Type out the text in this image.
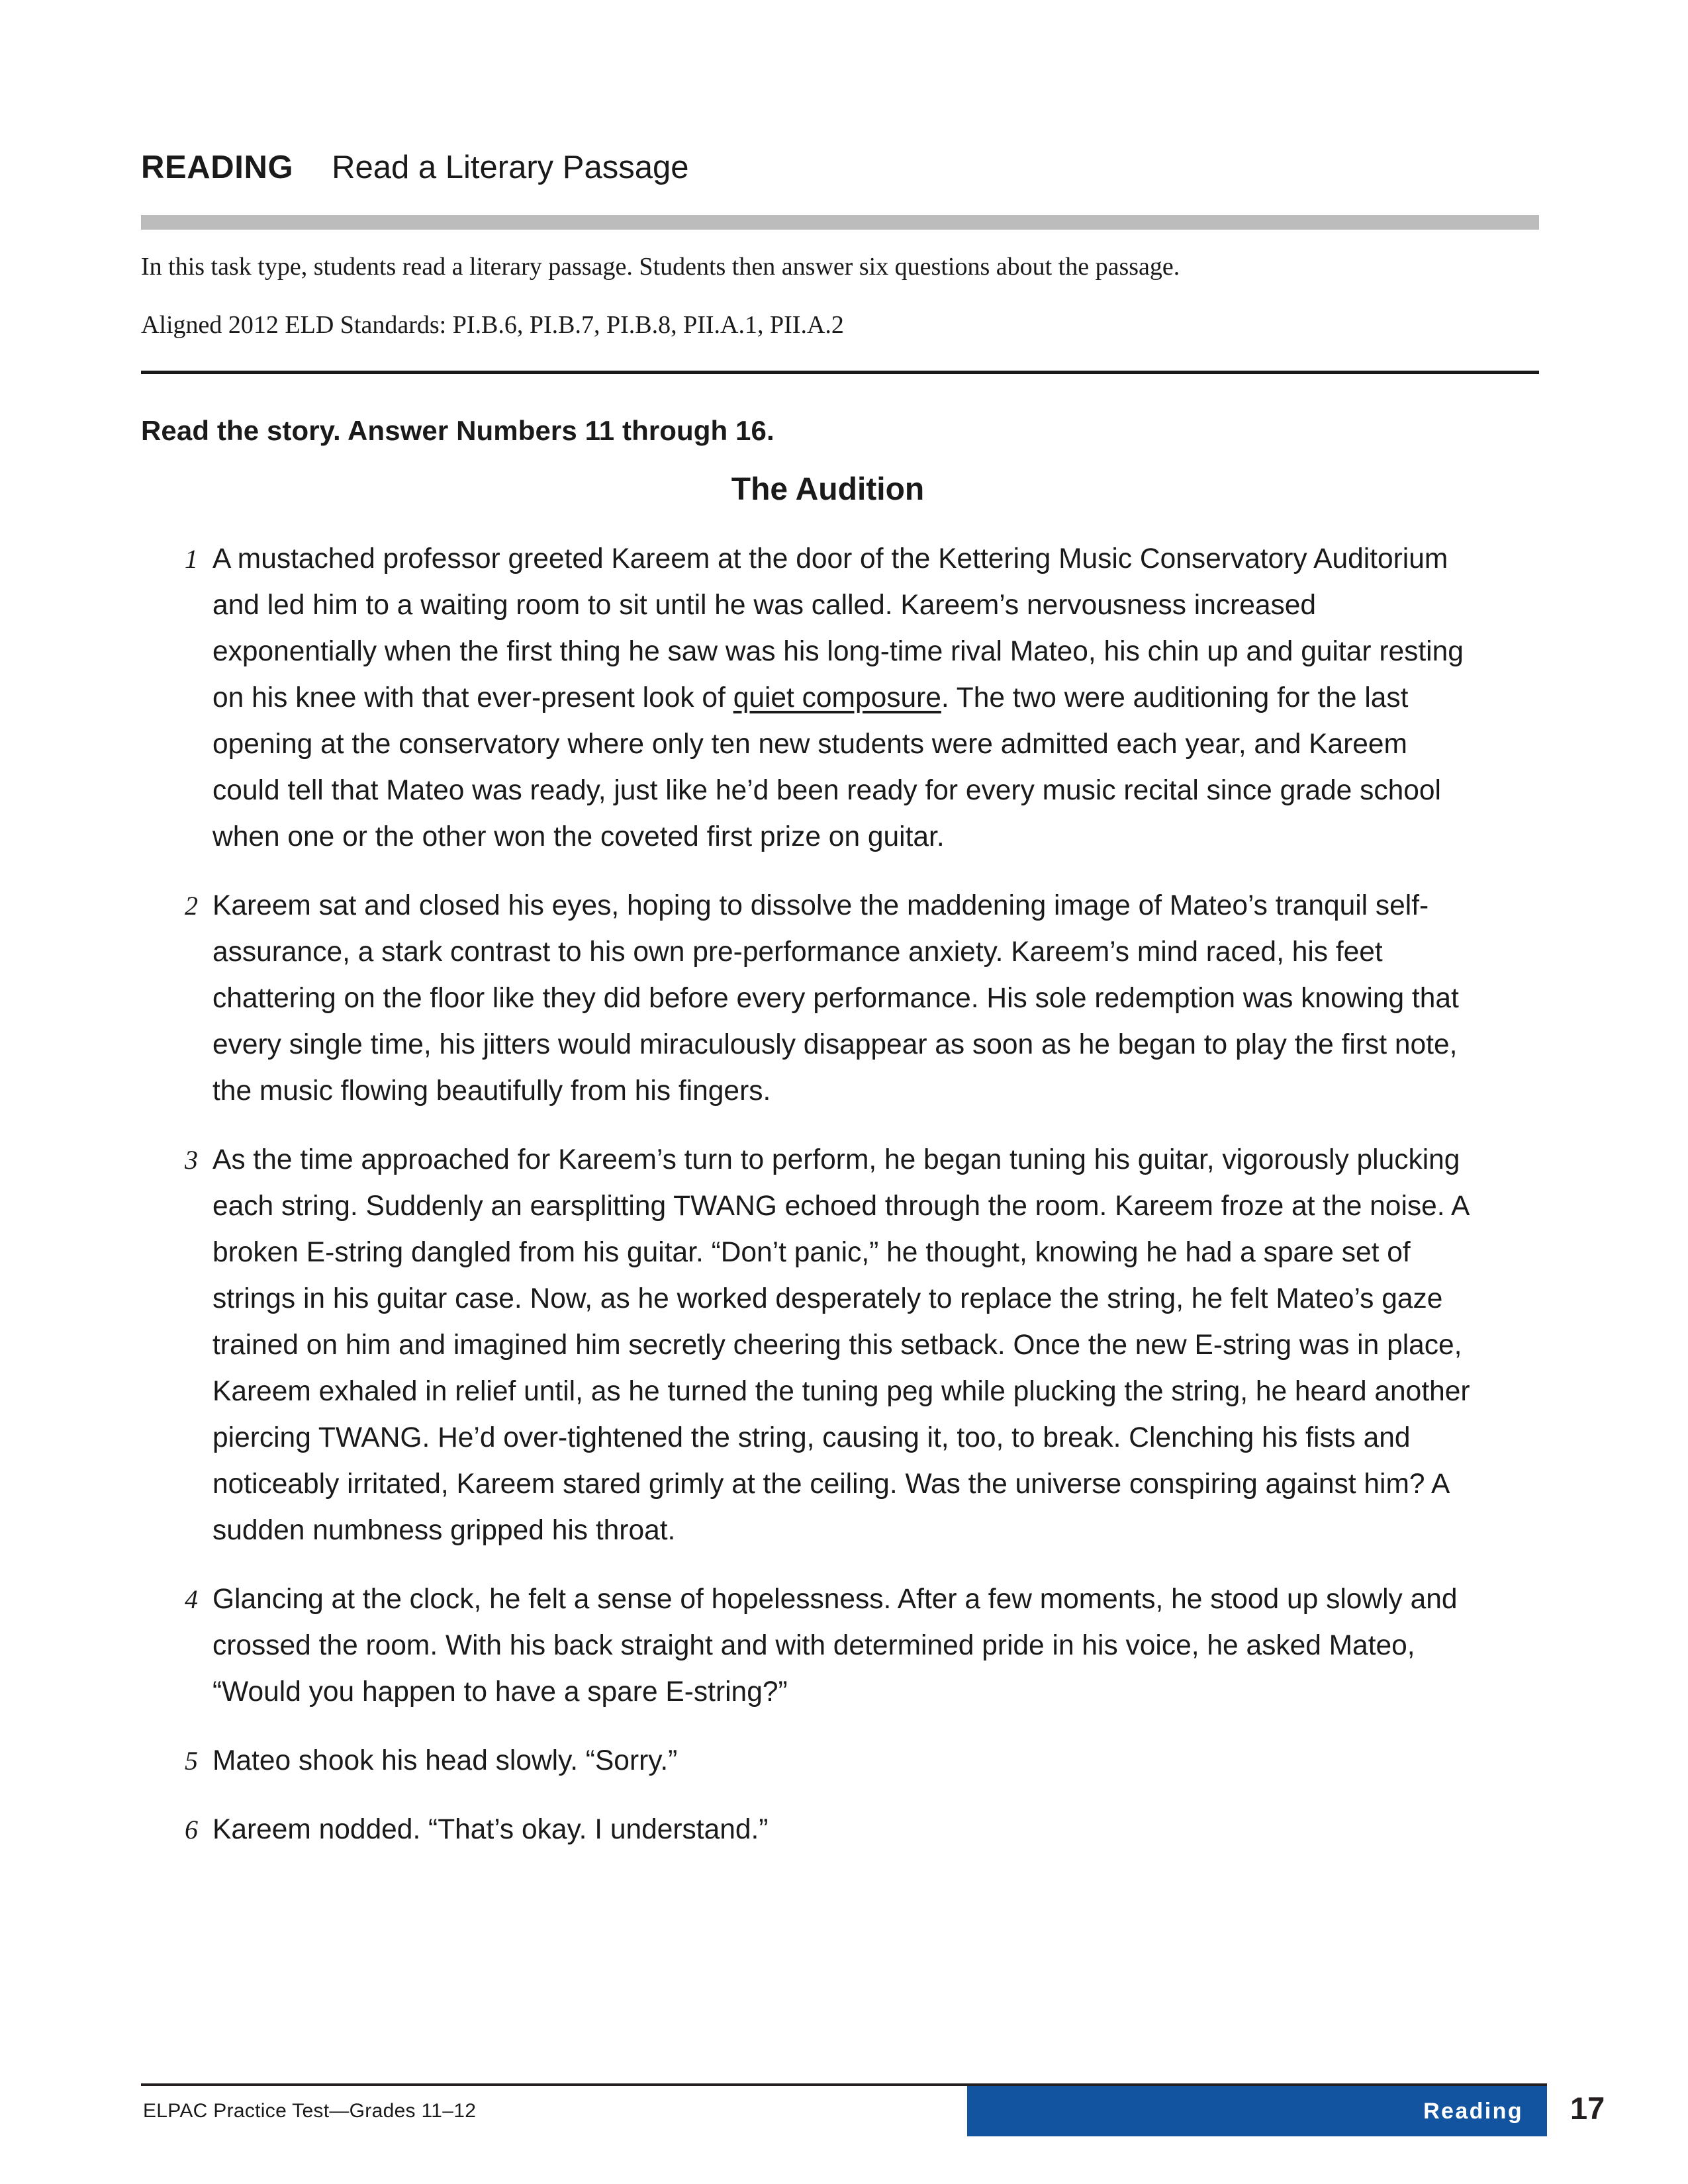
READING Read a Literary Passage
In this task type, students read a literary passage. Students then answer six questions about the passage.
Aligned 2012 ELD Standards: PI.B.6, PI.B.7, PI.B.8, PII.A.1, PII.A.2
Read the story. Answer Numbers 11 through 16.
The Audition
1 A mustached professor greeted Kareem at the door of the Kettering Music Conservatory Auditorium and led him to a waiting room to sit until he was called. Kareem’s nervousness increased exponentially when the first thing he saw was his long-time rival Mateo, his chin up and guitar resting on his knee with that ever-present look of quiet composure. The two were auditioning for the last opening at the conservatory where only ten new students were admitted each year, and Kareem could tell that Mateo was ready, just like he’d been ready for every music recital since grade school when one or the other won the coveted first prize on guitar.
2 Kareem sat and closed his eyes, hoping to dissolve the maddening image of Mateo’s tranquil self-assurance, a stark contrast to his own pre-performance anxiety. Kareem’s mind raced, his feet chattering on the floor like they did before every performance. His sole redemption was knowing that every single time, his jitters would miraculously disappear as soon as he began to play the first note, the music flowing beautifully from his fingers.
3 As the time approached for Kareem’s turn to perform, he began tuning his guitar, vigorously plucking each string. Suddenly an earsplitting TWANG echoed through the room. Kareem froze at the noise. A broken E-string dangled from his guitar. “Don’t panic,” he thought, knowing he had a spare set of strings in his guitar case. Now, as he worked desperately to replace the string, he felt Mateo’s gaze trained on him and imagined him secretly cheering this setback. Once the new E-string was in place, Kareem exhaled in relief until, as he turned the tuning peg while plucking the string, he heard another piercing TWANG. He’d over-tightened the string, causing it, too, to break. Clenching his fists and noticeably irritated, Kareem stared grimly at the ceiling. Was the universe conspiring against him? A sudden numbness gripped his throat.
4 Glancing at the clock, he felt a sense of hopelessness. After a few moments, he stood up slowly and crossed the room. With his back straight and with determined pride in his voice, he asked Mateo, “Would you happen to have a spare E-string?”
5 Mateo shook his head slowly. “Sorry.”
6 Kareem nodded. “That’s okay. I understand.”
ELPAC Practice Test—Grades 11–12	Reading 17
